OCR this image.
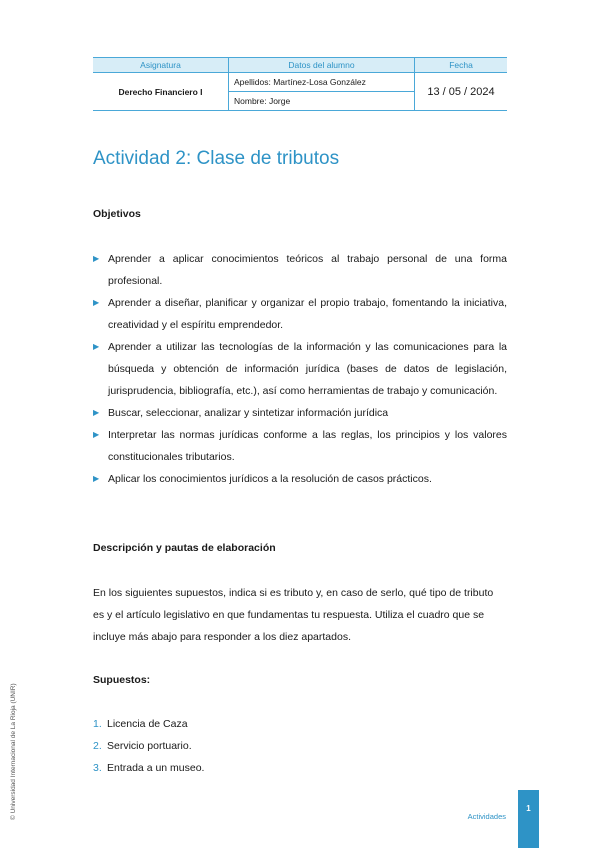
Asignatura	Datos del alumno	Fecha
Derecho Financiero I	Apellidos: Martínez-Losa González	13 / 05 / 2024
	Nombre: Jorge	
Actividad 2: Clase de tributos
Objetivos
▶ Aprender a aplicar conocimientos teóricos al trabajo personal de una forma profesional.
▶ Aprender a diseñar, planificar y organizar el propio trabajo, fomentando la iniciativa, creatividad y el espíritu emprendedor.
▶ Aprender a utilizar las tecnologías de la información y las comunicaciones para la búsqueda y obtención de información jurídica (bases de datos de legislación, jurisprudencia, bibliografía, etc.), así como herramientas de trabajo y comunicación.
▶ Buscar, seleccionar, analizar y sintetizar información jurídica
▶ Interpretar las normas jurídicas conforme a las reglas, los principios y los valores constitucionales tributarios.
▶ Aplicar los conocimientos jurídicos a la resolución de casos prácticos.
Descripción y pautas de elaboración

En los siguientes supuestos, indica si es tributo y, en caso de serlo, qué tipo de tributo es y el artículo legislativo en que fundamentas tu respuesta. Utiliza el cuadro que se incluye más abajo para responder a los diez apartados.

Supuestos:
1. Licencia de Caza
2. Servicio portuario.
3. Entrada a un museo.
© Universidad Internacional de La Rioja (UNIR)	Actividades
1
